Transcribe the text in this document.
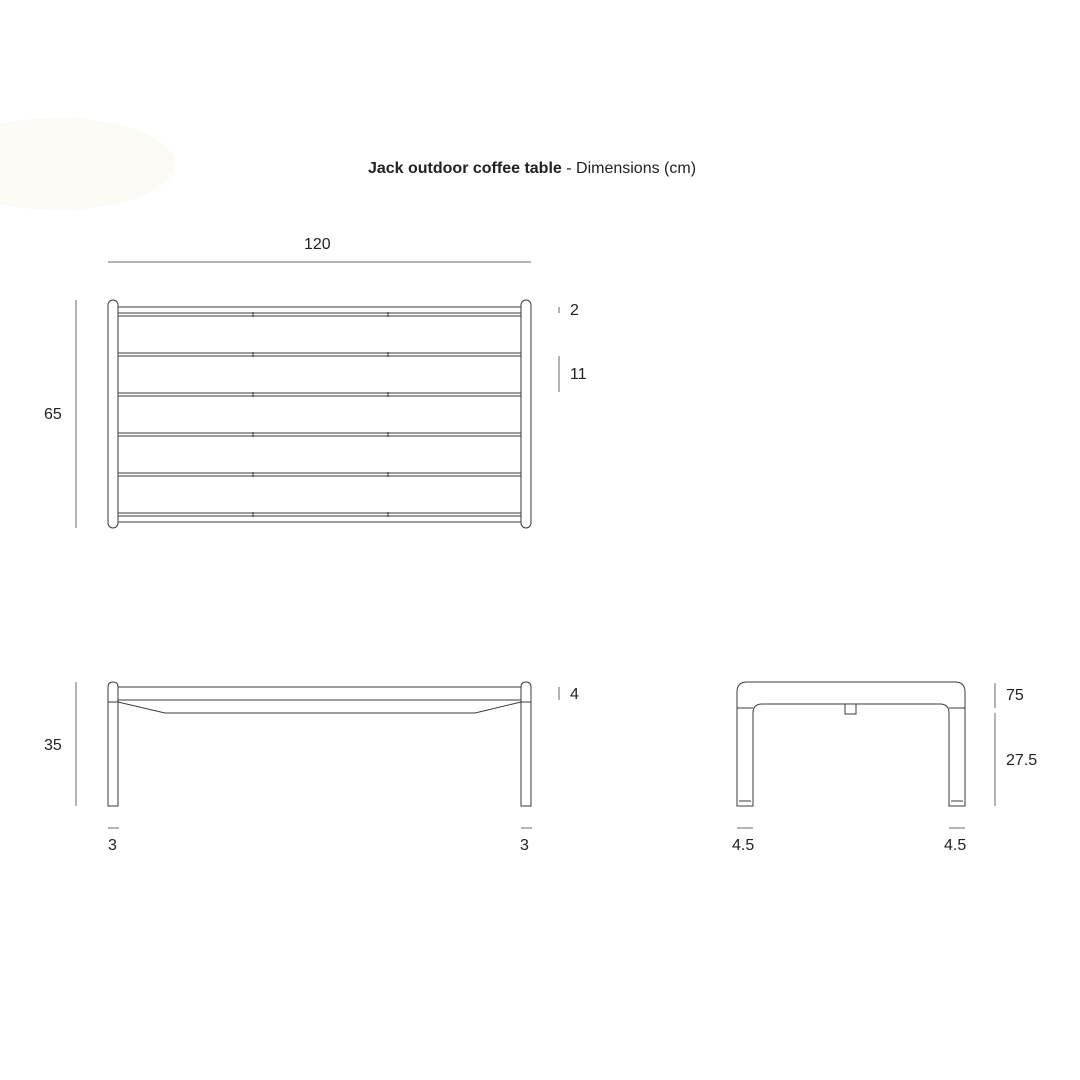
Jack outdoor coffee table - Dimensions (cm)
120
65
2
11
35
4
3	3
75
27.5
4.5	4.5
